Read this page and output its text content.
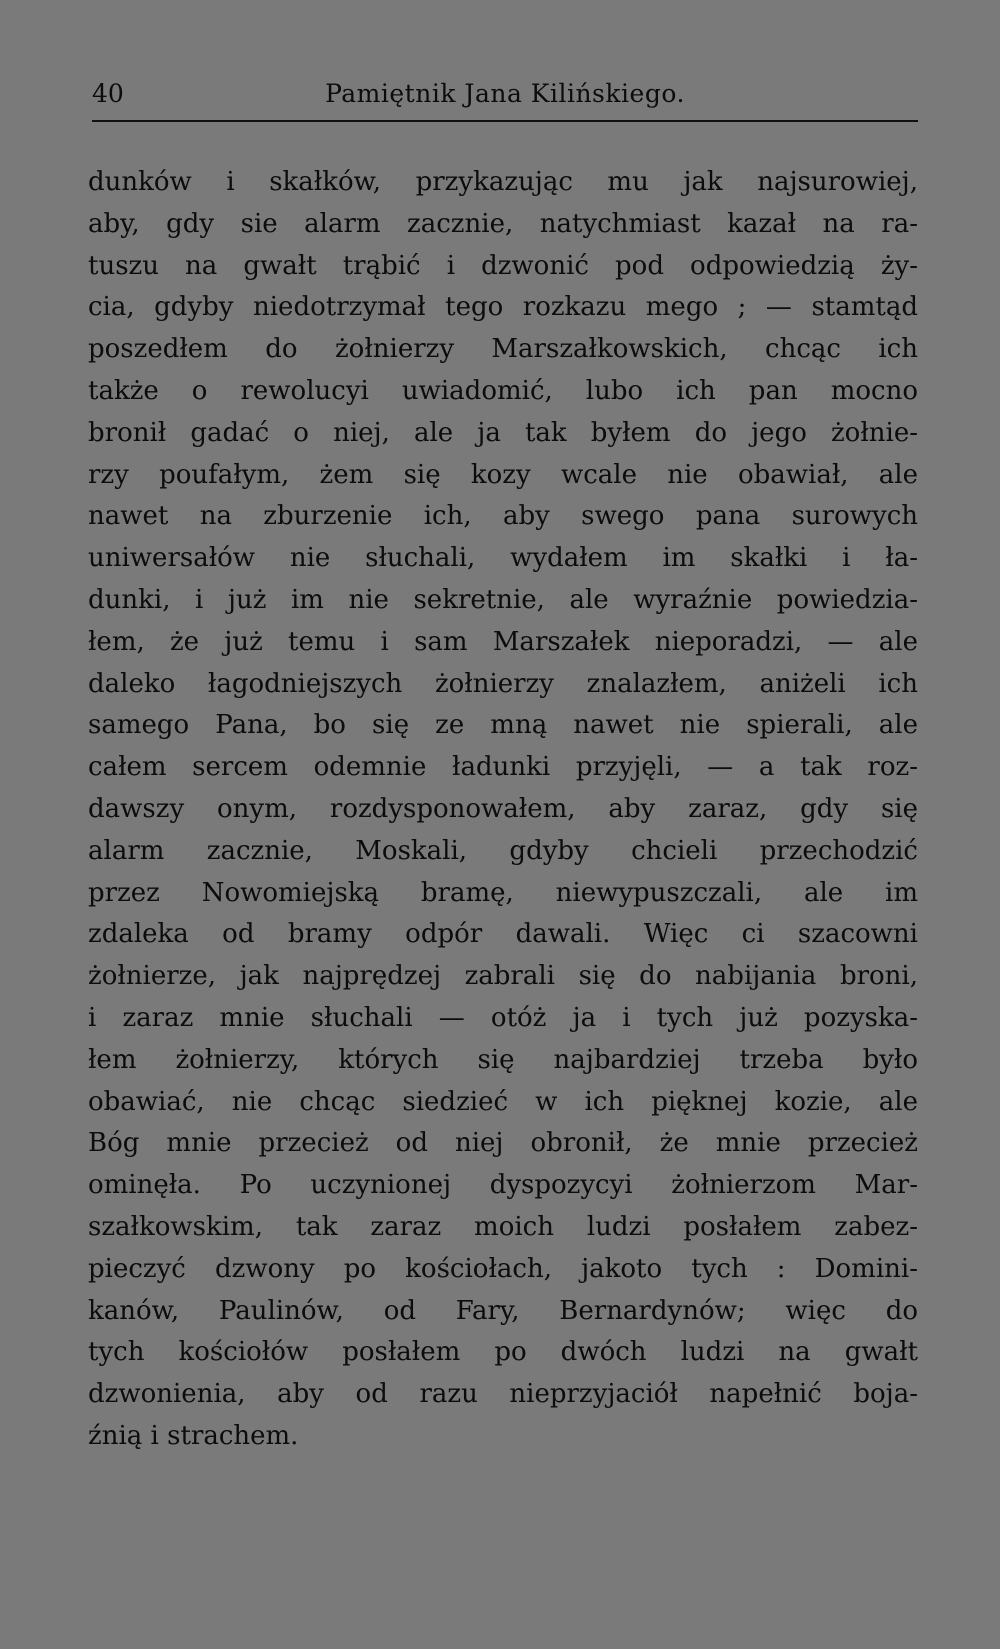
40	Pamiętnik Jana Kilińskiego.
dunków i skałków, przykazując mu jak najsurowiej,
aby, gdy sie alarm zacznie, natychmiast kazał na ra-
tuszu na gwałt trąbić i dzwonić pod odpowiedzią ży-
cia, gdyby niedotrzymał tego rozkazu mego ; — stamtąd
poszedłem do żołnierzy Marszałkowskich, chcąc ich
także o rewolucyi uwiadomić, lubo ich pan mocno
bronił gadać o niej, ale ja tak byłem do jego żołnie-
rzy poufałym, żem się kozy wcale nie obawiał, ale
nawet na zburzenie ich, aby swego pana surowych
uniwersałów nie słuchali, wydałem im skałki i ła-
dunki, i już im nie sekretnie, ale wyraźnie powiedzia-
łem, że już temu i sam Marszałek nieporadzi, — ale
daleko łagodniejszych żołnierzy znalazłem, aniżeli ich
samego Pana, bo się ze mną nawet nie spierali, ale
całem sercem odemnie ładunki przyjęli, — a tak roz-
dawszy onym, rozdysponowałem, aby zaraz, gdy się
alarm zacznie, Moskali, gdyby chcieli przechodzić
przez Nowomiejską bramę, niewypuszczali, ale im
zdaleka od bramy odpór dawali. Więc ci szacowni
żołnierze, jak najprędzej zabrali się do nabijania broni,
i zaraz mnie słuchali — otóż ja i tych już pozyska-
łem żołnierzy, których się najbardziej trzeba było
obawiać, nie chcąc siedzieć w ich pięknej kozie, ale
Bóg mnie przecież od niej obronił, że mnie przecież
ominęła. Po uczynionej dyspozycyi żołnierzom Mar-
szałkowskim, tak zaraz moich ludzi posłałem zabez-
pieczyć dzwony po kościołach, jakoto tych : Domini-
kanów, Paulinów, od Fary, Bernardynów; więc do
tych kościołów posłałem po dwóch ludzi na gwałt
dzwonienia, aby od razu nieprzyjaciół napełnić boja-
źnią i strachem.
